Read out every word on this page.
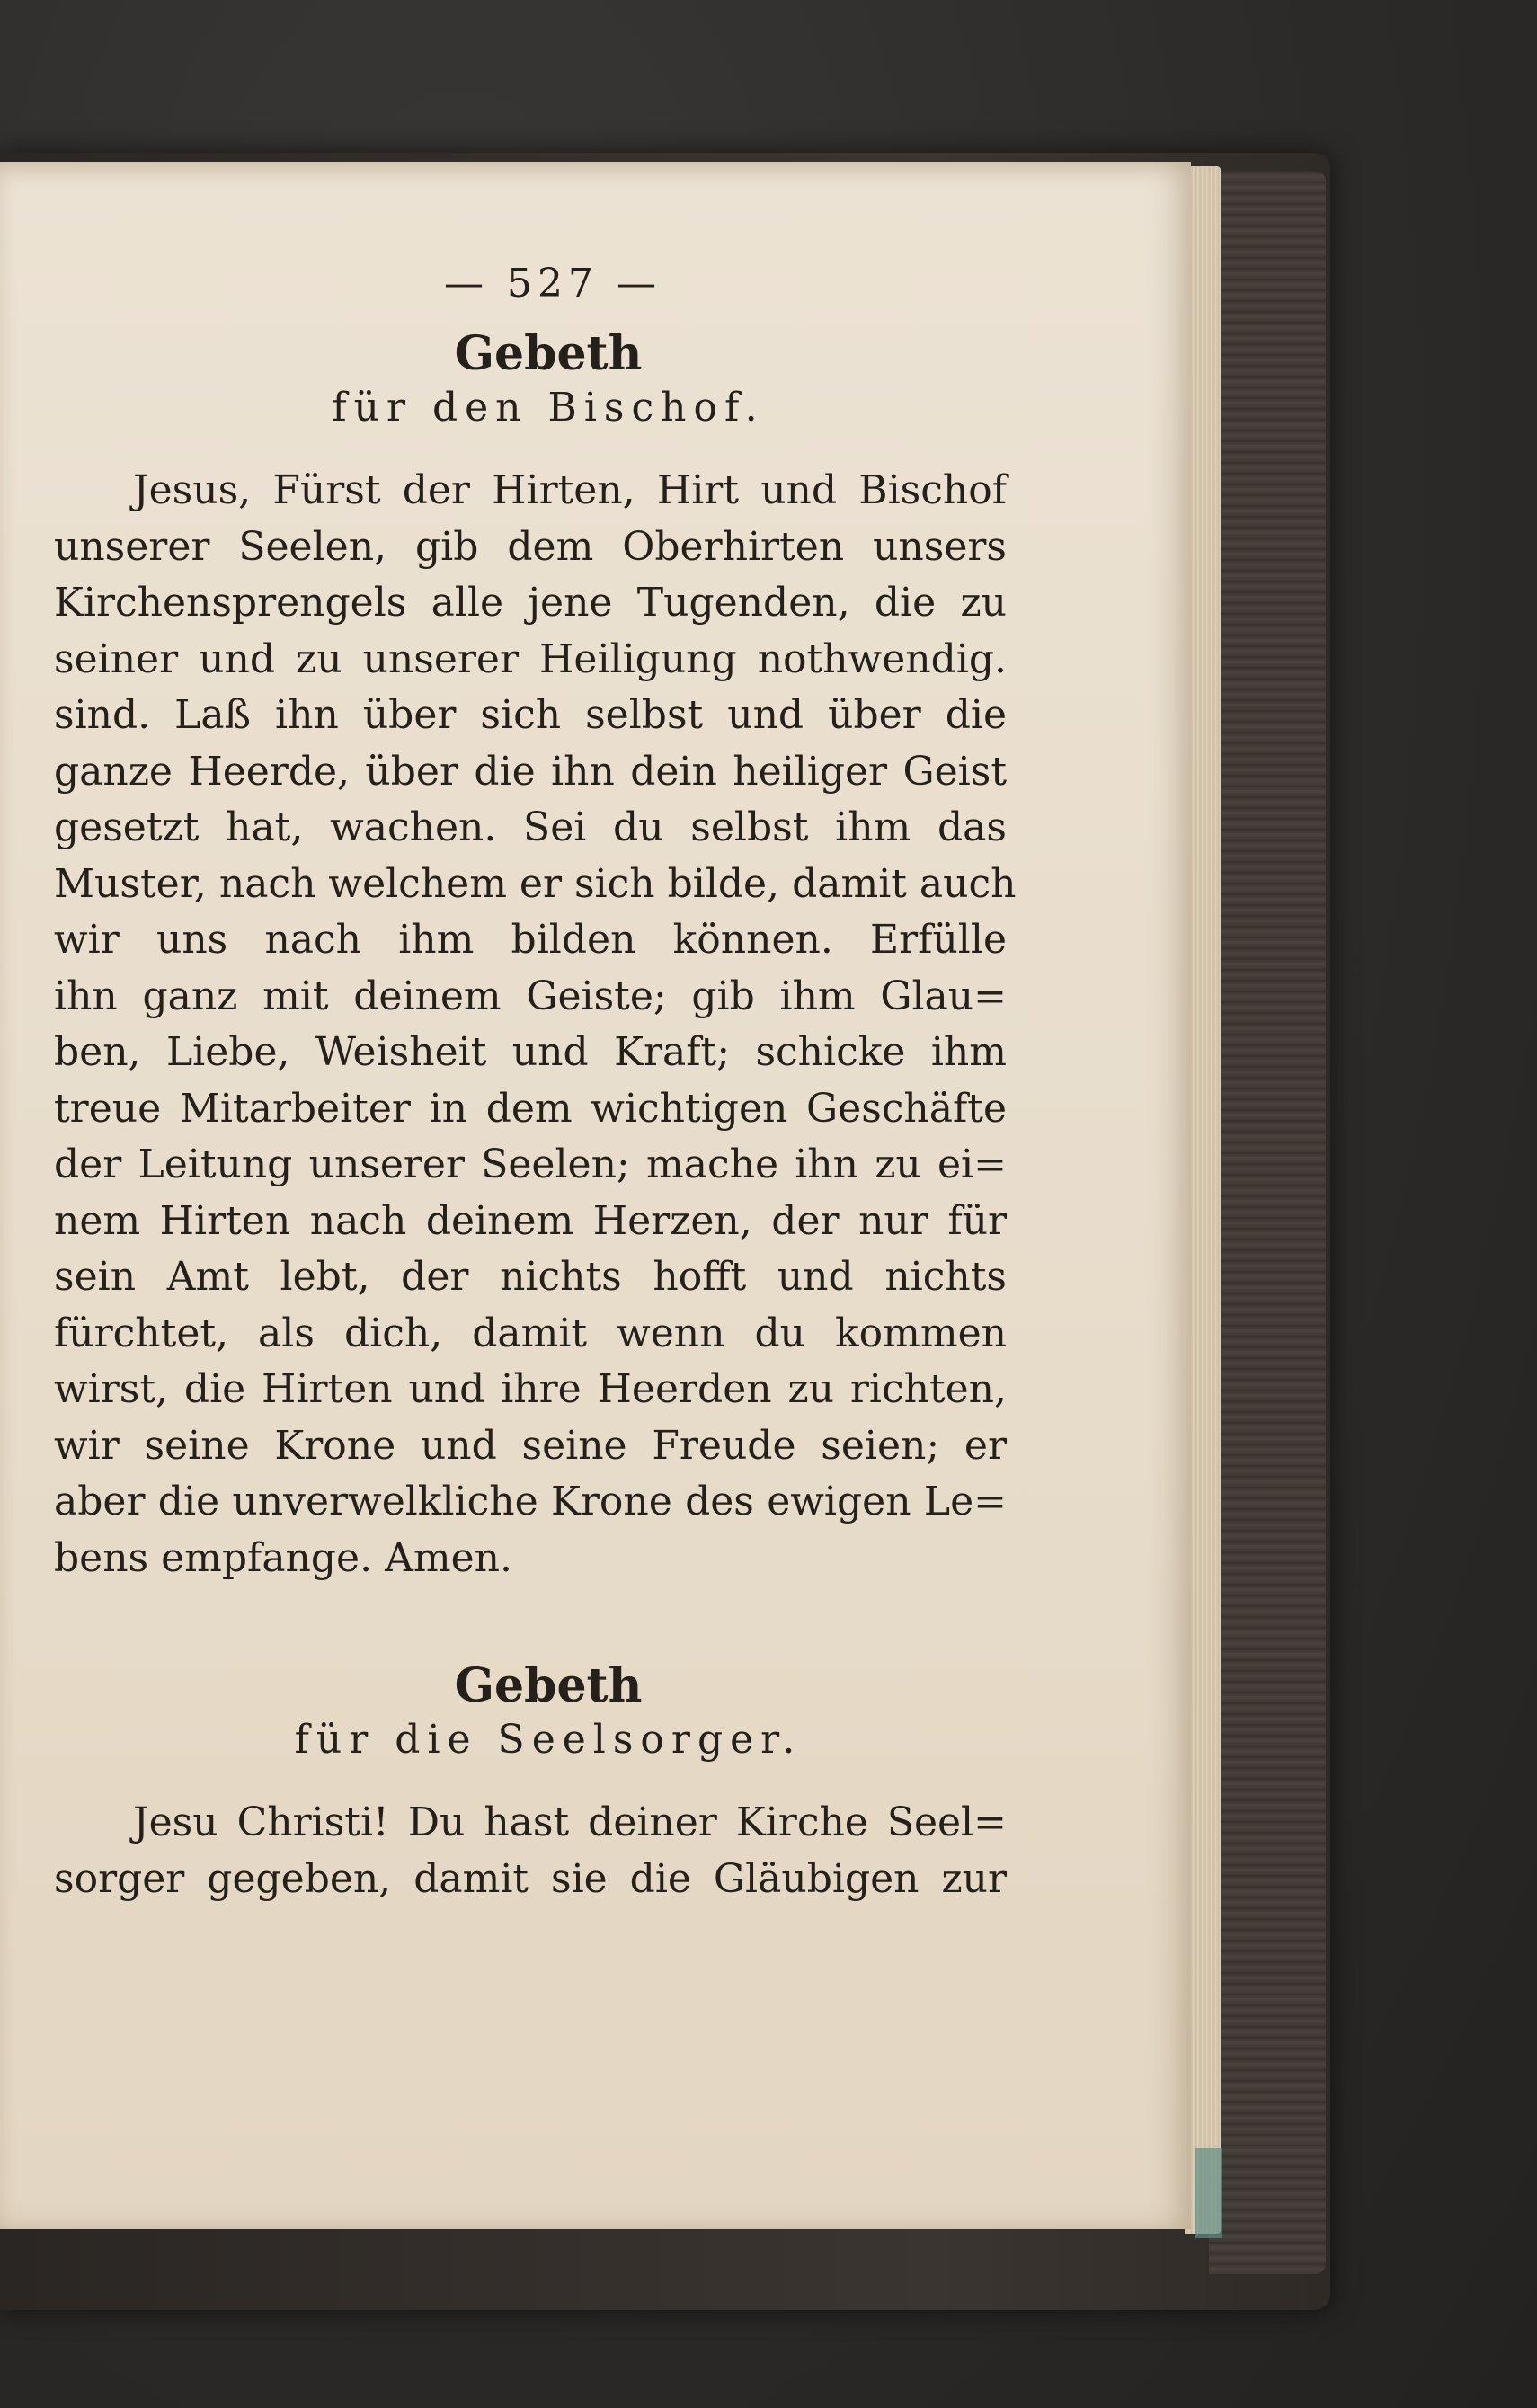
— 527 —
Gebeth
für den Bischof.
Jesus, Fürst der Hirten, Hirt und Bischof
unserer Seelen, gib dem Oberhirten unsers
Kirchensprengels alle jene Tugenden, die zu
seiner und zu unserer Heiligung nothwendig.
sind. Laß ihn über sich selbst und über die
ganze Heerde, über die ihn dein heiliger Geist
gesetzt hat, wachen. Sei du selbst ihm das
Muster, nach welchem er sich bilde, damit auch
wir uns nach ihm bilden können. Erfülle
ihn ganz mit deinem Geiste; gib ihm Glau=
ben, Liebe, Weisheit und Kraft; schicke ihm
treue Mitarbeiter in dem wichtigen Geschäfte
der Leitung unserer Seelen; mache ihn zu ei=
nem Hirten nach deinem Herzen, der nur für
sein Amt lebt, der nichts hofft und nichts
fürchtet, als dich, damit wenn du kommen
wirst, die Hirten und ihre Heerden zu richten,
wir seine Krone und seine Freude seien; er
aber die unverwelkliche Krone des ewigen Le=
bens empfange. Amen.
Gebeth
für die Seelsorger.
Jesu Christi! Du hast deiner Kirche Seel=
sorger gegeben, damit sie die Gläubigen zur
